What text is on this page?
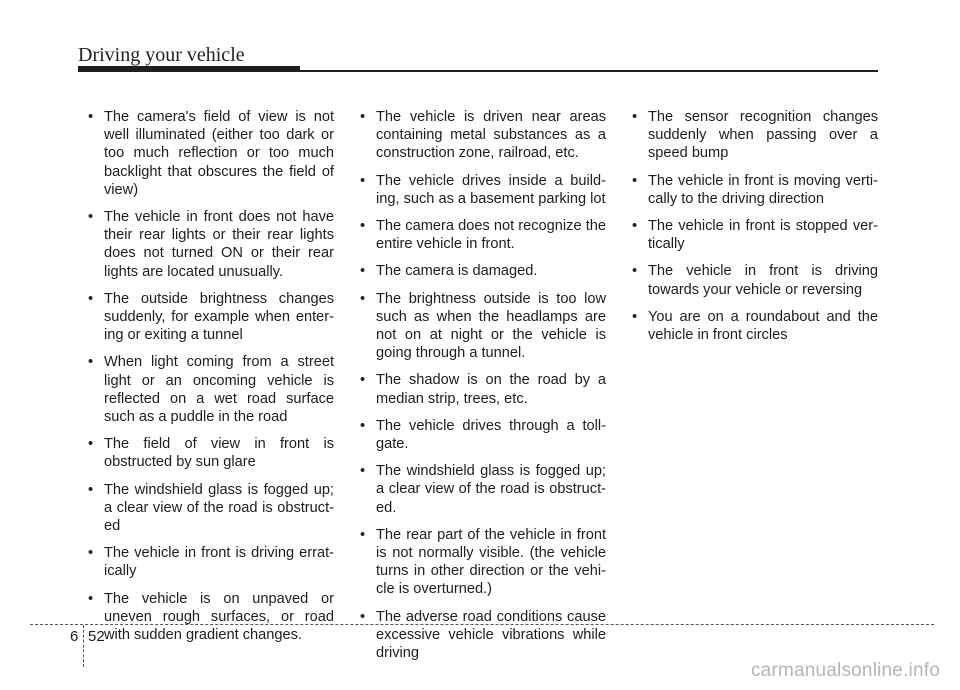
Driving your vehicle
• The camera's field of view is not well illuminated (either too dark or too much reflection or too much backlight that obscures the field of view)
• The vehicle in front does not have their rear lights or their rear lights does not turned ON or their rear lights are located unusually.
• The outside brightness changes suddenly, for example when enter-ing or exiting a tunnel
• When light coming from a street light or an oncoming vehicle is reflected on a wet road surface such as a puddle in the road
• The field of view in front is obstructed by sun glare
• The windshield glass is fogged up; a clear view of the road is obstruct-ed
• The vehicle in front is driving errat-ically
• The vehicle is on unpaved or uneven rough surfaces, or road with sudden gradient changes.
• The vehicle is driven near areas containing metal substances as a construction zone, railroad, etc.
• The vehicle drives inside a build-ing, such as a basement parking lot
• The camera does not recognize the entire vehicle in front.
• The camera is damaged.
• The brightness outside is too low such as when the headlamps are not on at night or the vehicle is going through a tunnel.
• The shadow is on the road by a median strip, trees, etc.
• The vehicle drives through a toll-gate.
• The windshield glass is fogged up; a clear view of the road is obstruct-ed.
• The rear part of the vehicle in front is not normally visible. (the vehicle turns in other direction or the vehi-cle is overturned.)
• The adverse road conditions cause excessive vehicle vibrations while driving
• The sensor recognition changes suddenly when passing over a speed bump
• The vehicle in front is moving verti-cally to the driving direction
• The vehicle in front is stopped ver-tically
• The vehicle in front is driving towards your vehicle or reversing
• You are on a roundabout and the vehicle in front circles
6 52
carmanualsonline.info
